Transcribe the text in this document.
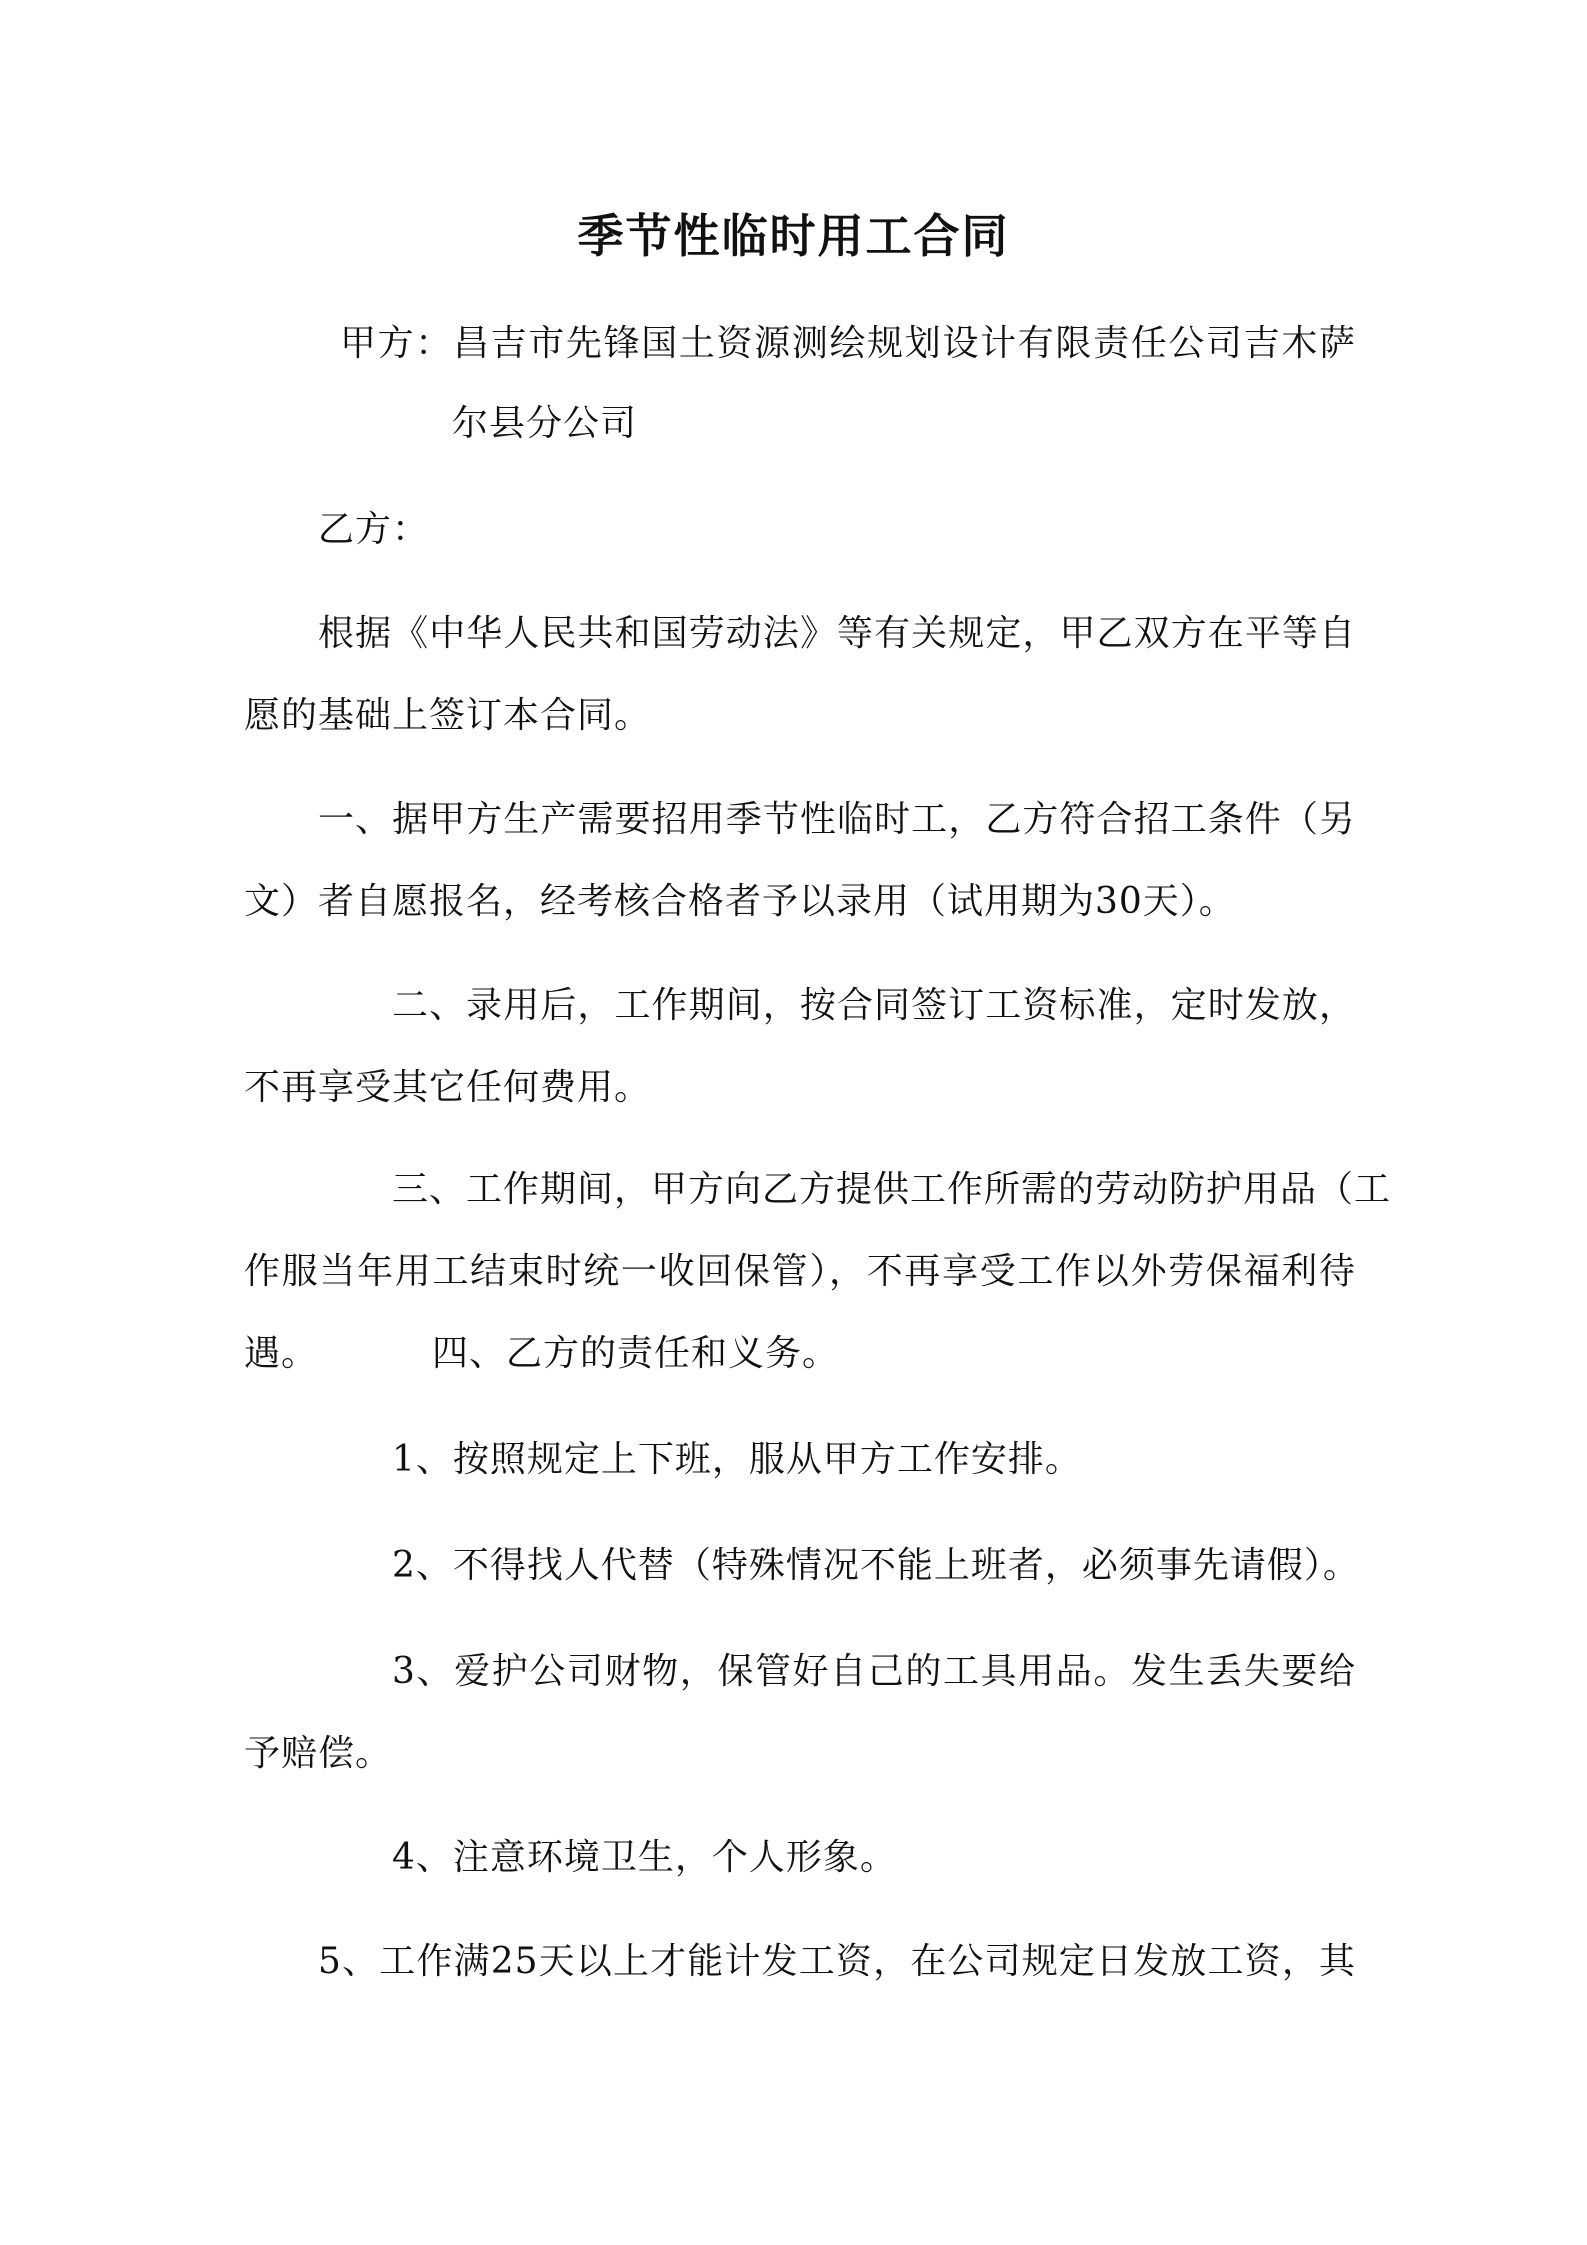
季节性临时用工合同
甲方：昌吉市先锋国土资源测绘规划设计有限责任公司吉木萨
尔县分公司
乙方：
根据《中华人民共和国劳动法》等有关规定，甲乙双方在平等自
愿的基础上签订本合同。
一、据甲方生产需要招用季节性临时工，乙方符合招工条件（另
文）者自愿报名，经考核合格者予以录用（试用期为30天）。
二、录用后，工作期间，按合同签订工资标准，定时发放，
不再享受其它任何费用。
三、工作期间，甲方向乙方提供工作所需的劳动防护用品（工
作服当年用工结束时统一收回保管），不再享受工作以外劳保福利待
遇。	四、乙方的责任和义务。
1、按照规定上下班，服从甲方工作安排。
2、不得找人代替（特殊情况不能上班者，必须事先请假）。
3、爱护公司财物，保管好自己的工具用品。发生丢失要给
予赔偿。
4、注意环境卫生，个人形象。
5、工作满25天以上才能计发工资，在公司规定日发放工资，其
